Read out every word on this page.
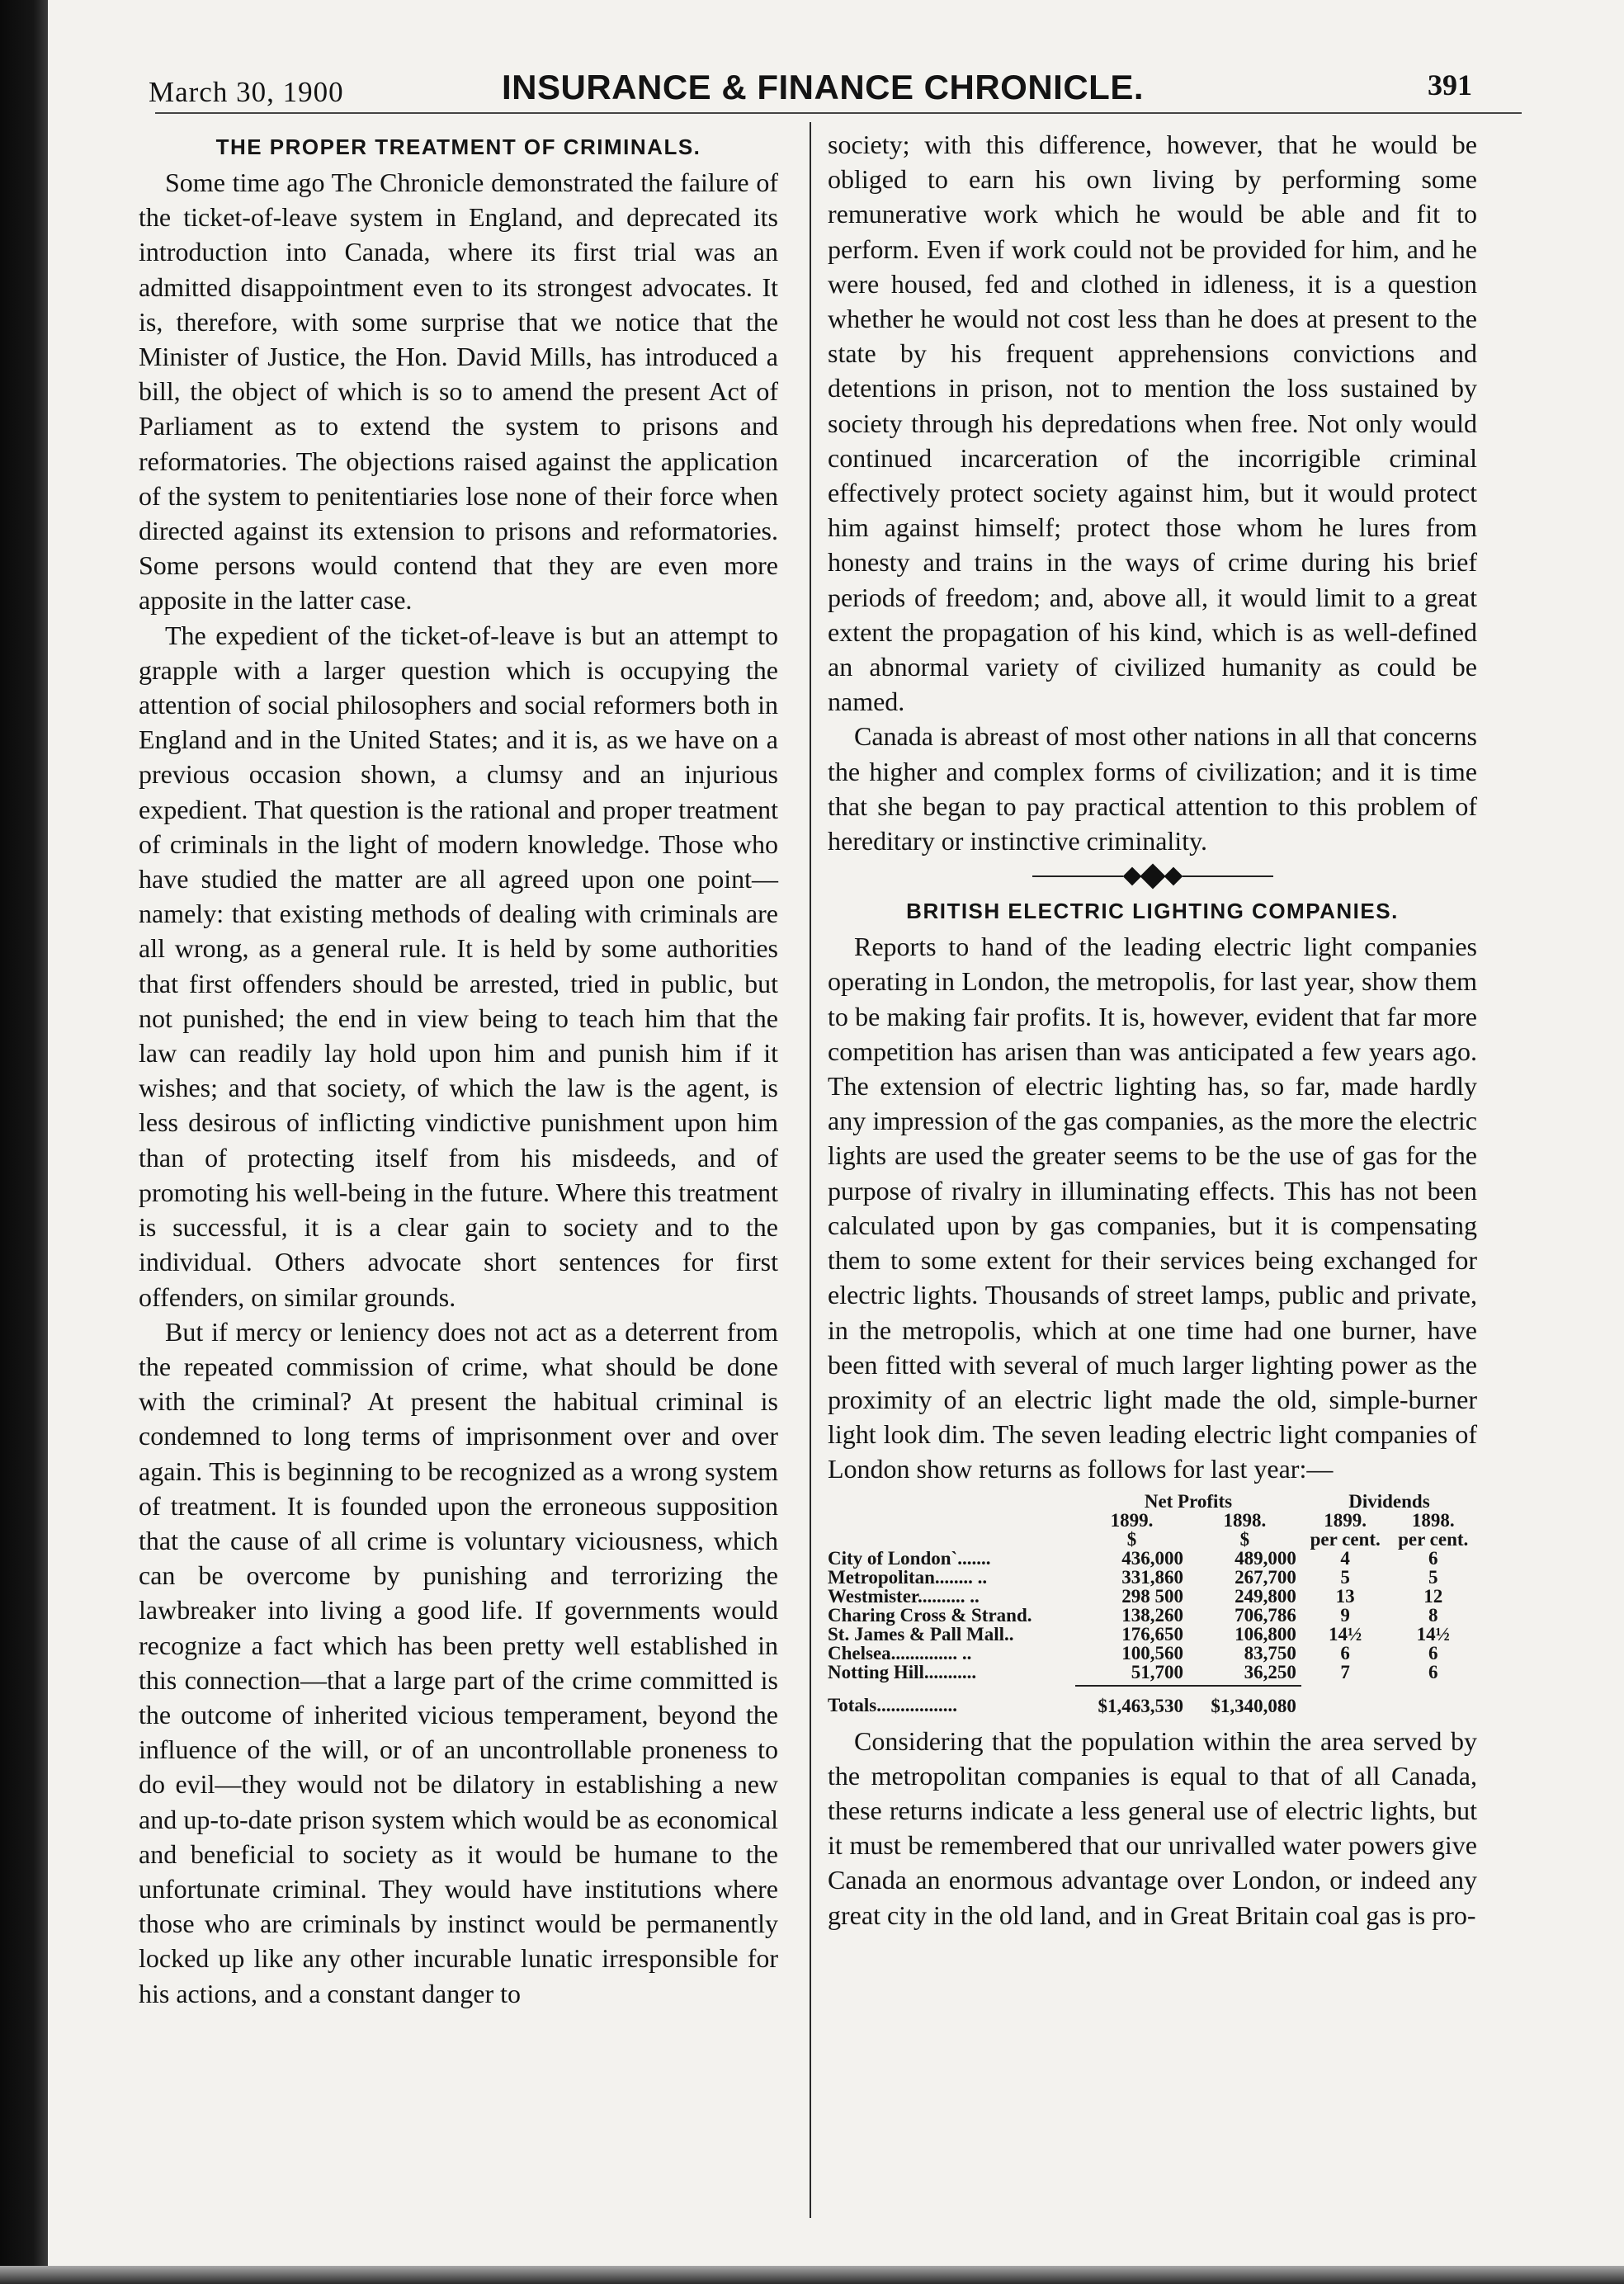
March 30, 1900	INSURANCE & FINANCE CHRONICLE.	391
THE PROPER TREATMENT OF CRIMINALS.

Some time ago The Chronicle demonstrated the failure of the ticket-of-leave system in England, and deprecated its introduction into Canada, where its first trial was an admitted disappointment even to its strongest advocates. It is, therefore, with some surprise that we notice that the Minister of Justice, the Hon. David Mills, has introduced a bill, the object of which is so to amend the present Act of Parliament as to extend the system to prisons and reformatories. The objections raised against the application of the system to penitentiaries lose none of their force when directed against its extension to prisons and reformatories. Some persons would contend that they are even more apposite in the latter case.

The expedient of the ticket-of-leave is but an attempt to grapple with a larger question which is occupying the attention of social philosophers and social reformers both in England and in the United States; and it is, as we have on a previous occasion shown, a clumsy and an injurious expedient. That question is the rational and proper treatment of criminals in the light of modern knowledge. Those who have studied the matter are all agreed upon one point—namely: that existing methods of dealing with criminals are all wrong, as a general rule. It is held by some authorities that first offenders should be arrested, tried in public, but not punished; the end in view being to teach him that the law can readily lay hold upon him and punish him if it wishes; and that society, of which the law is the agent, is less desirous of inflicting vindictive punishment upon him than of protecting itself from his misdeeds, and of promoting his well-being in the future. Where this treatment is successful, it is a clear gain to society and to the individual. Others advocate short sentences for first offenders, on similar grounds.

But if mercy or leniency does not act as a deterrent from the repeated commission of crime, what should be done with the criminal? At present the habitual criminal is condemned to long terms of imprisonment over and over again. This is beginning to be recognized as a wrong system of treatment. It is founded upon the erroneous supposition that the cause of all crime is voluntary viciousness, which can be overcome by punishing and terrorizing the lawbreaker into living a good life. If governments would recognize a fact which has been pretty well established in this connection—that a large part of the crime committed is the outcome of inherited vicious temperament, beyond the influence of the will, or of an uncontrollable proneness to do evil—they would not be dilatory in establishing a new and up-to-date prison system which would be as economical and beneficial to society as it would be humane to the unfortunate criminal. They would have institutions where those who are criminals by instinct would be permanently locked up like any other incurable lunatic irresponsible for his actions, and a constant danger to

society; with this difference, however, that he would be obliged to earn his own living by performing some remunerative work which he would be able and fit to perform. Even if work could not be provided for him, and he were housed, fed and clothed in idleness, it is a question whether he would not cost less than he does at present to the state by his frequent apprehensions convictions and detentions in prison, not to mention the loss sustained by society through his depredations when free. Not only would continued incarceration of the incorrigible criminal effectively protect society against him, but it would protect him against himself; protect those whom he lures from honesty and trains in the ways of crime during his brief periods of freedom; and, above all, it would limit to a great extent the propagation of his kind, which is as well-defined an abnormal variety of civilized humanity as could be named.

Canada is abreast of most other nations in all that concerns the higher and complex forms of civilization; and it is time that she began to pay practical attention to this problem of hereditary or instinctive criminality.

BRITISH ELECTRIC LIGHTING COMPANIES.

Reports to hand of the leading electric light companies operating in London, the metropolis, for last year, show them to be making fair profits. It is, however, evident that far more competition has arisen than was anticipated a few years ago. The extension of electric lighting has, so far, made hardly any impression of the gas companies, as the more the electric lights are used the greater seems to be the use of gas for the purpose of rivalry in illuminating effects. This has not been calculated upon by gas companies, but it is compensating them to some extent for their services being exchanged for electric lights. Thousands of street lamps, public and private, in the metropolis, which at one time had one burner, have been fitted with several of much larger lighting power as the proximity of an electric light made the old, simple-burner light look dim. The seven leading electric light companies of London show returns as follows for last year:—

	Net Profits		Dividends	
	1899.	1898.	1899.	1898.
	$	$	per cent.	per cent.
City of London`.......	436,000	489,000	4	6
Metropolitan........ ..	331,860	267,700	5	5
Westmister.......... ..	298 500	249,800	13	12
Charing Cross & Strand.	138,260	706,786	9	8
St. James & Pall Mall..	176,650	106,800	14½	14½
Chelsea.............. ..	100,560	83,750	6	6
Notting Hill...........	51,700	36,250	7	6

Totals.................	$1,463,530	$1,340,080		

Considering that the population within the area served by the metropolitan companies is equal to that of all Canada, these returns indicate a less general use of electric lights, but it must be remembered that our unrivalled water powers give Canada an enormous advantage over London, or indeed any great city in the old land, and in Great Britain coal gas is pro-
